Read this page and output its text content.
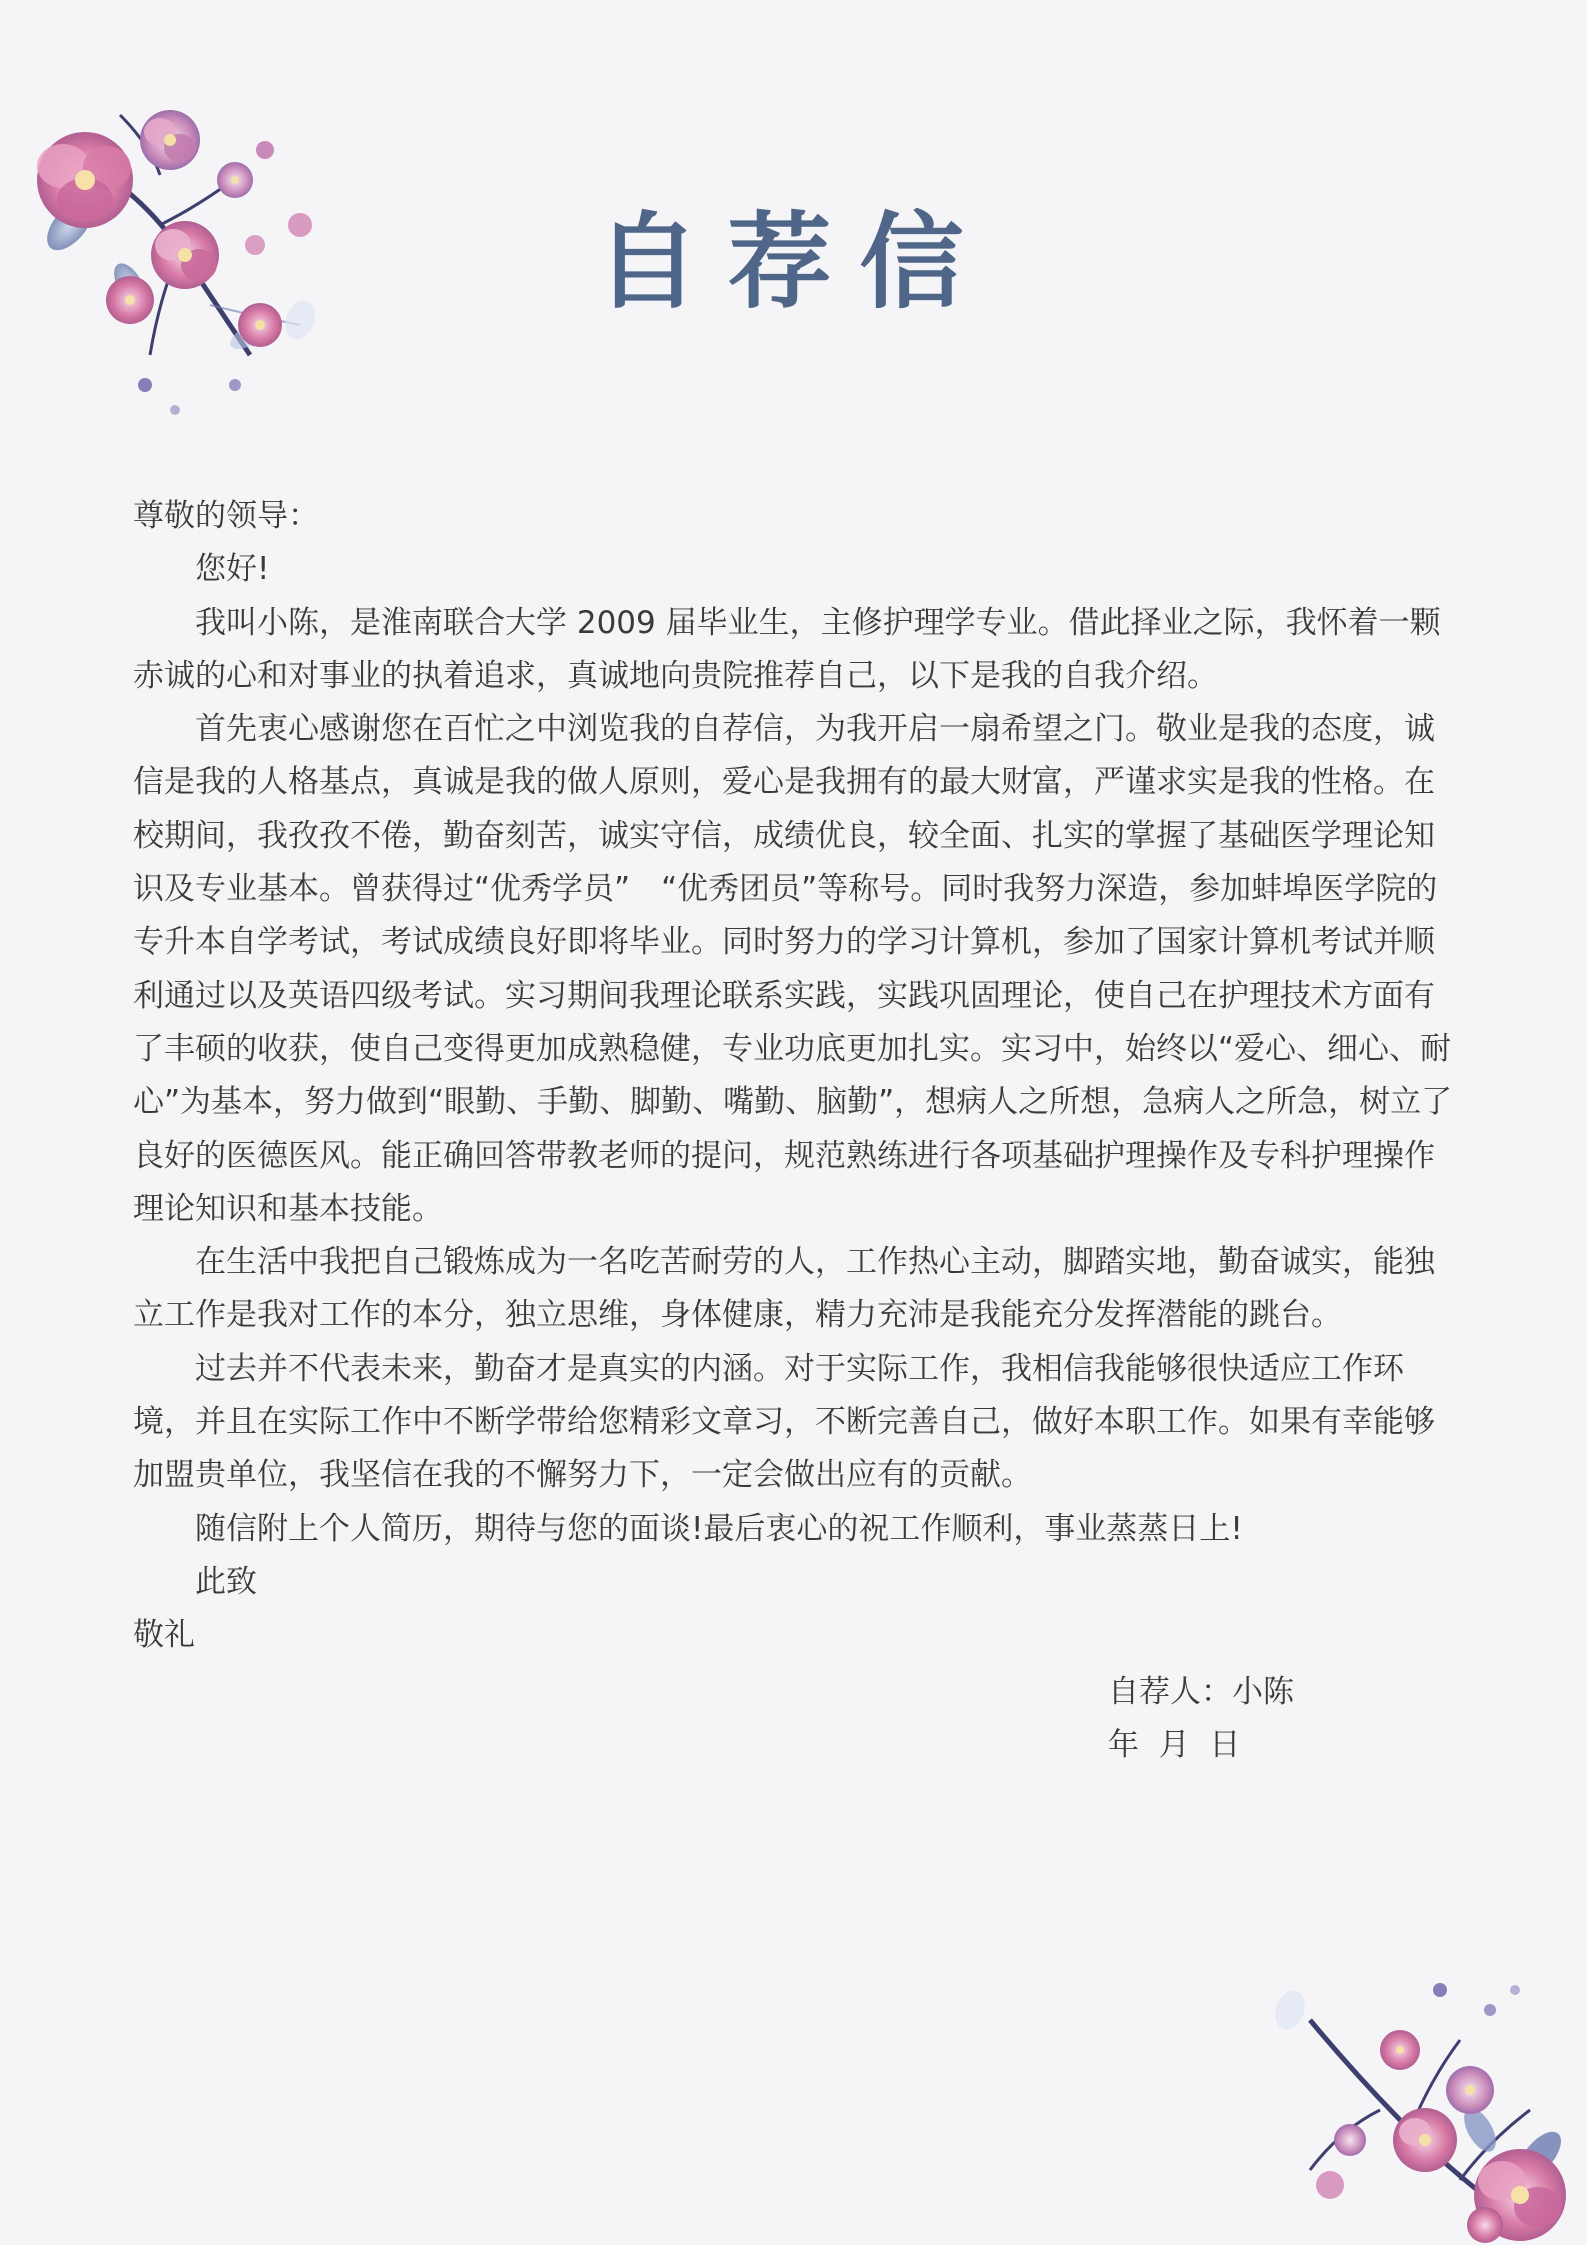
自荐信

尊敬的领导：

您好!

我叫小陈，是淮南联合大学 2009 届毕业生，主修护理学专业。借此择业之际，我怀着一颗赤诚的心和对事业的执着追求，真诚地向贵院推荐自己，以下是我的自我介绍。

首先衷心感谢您在百忙之中浏览我的自荐信，为我开启一扇希望之门。敬业是我的态度，诚信是我的人格基点，真诚是我的做人原则，爱心是我拥有的最大财富，严谨求实是我的性格。在校期间，我孜孜不倦，勤奋刻苦，诚实守信，成绩优良，较全面、扎实的掌握了基础医学理论知识及专业基本。曾获得过“优秀学员”　“优秀团员”等称号。同时我努力深造，参加蚌埠医学院的专升本自学考试，考试成绩良好即将毕业。同时努力的学习计算机，参加了国家计算机考试并顺利通过以及英语四级考试。实习期间我理论联系实践，实践巩固理论，使自己在护理技术方面有了丰硕的收获，使自己变得更加成熟稳健，专业功底更加扎实。实习中，始终以“爱心、细心、耐心”为基本，努力做到“眼勤、手勤、脚勤、嘴勤、脑勤”，想病人之所想，急病人之所急，树立了良好的医德医风。能正确回答带教老师的提问，规范熟练进行各项基础护理操作及专科护理操作理论知识和基本技能。

在生活中我把自己锻炼成为一名吃苦耐劳的人，工作热心主动，脚踏实地，勤奋诚实，能独立工作是我对工作的本分，独立思维，身体健康，精力充沛是我能充分发挥潜能的跳台。

过去并不代表未来，勤奋才是真实的内涵。对于实际工作，我相信我能够很快适应工作环境，并且在实际工作中不断学带给您精彩文章习，不断完善自己，做好本职工作。如果有幸能够加盟贵单位，我坚信在我的不懈努力下，一定会做出应有的贡献。

随信附上个人简历，期待与您的面谈!最后衷心的祝工作顺利，事业蒸蒸日上!

此致

敬礼

自荐人：小陈
年  月  日
